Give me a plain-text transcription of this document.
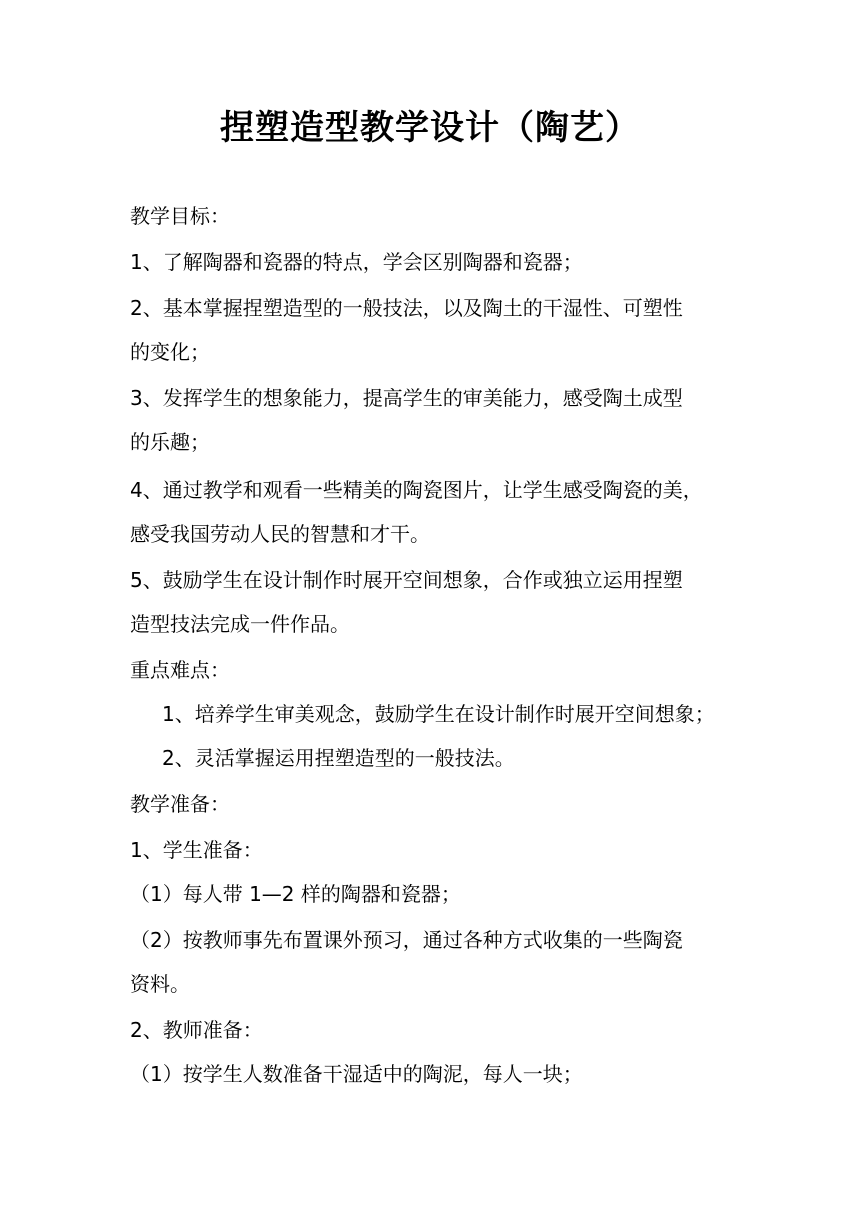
捏塑造型教学设计（陶艺）
教学目标：
1、了解陶器和瓷器的特点，学会区别陶器和瓷器；
2、基本掌握捏塑造型的一般技法，以及陶土的干湿性、可塑性
的变化；
3、发挥学生的想象能力，提高学生的审美能力，感受陶土成型
的乐趣；
4、通过教学和观看一些精美的陶瓷图片，让学生感受陶瓷的美，
感受我国劳动人民的智慧和才干。
5、鼓励学生在设计制作时展开空间想象，合作或独立运用捏塑
造型技法完成一件作品。
重点难点：
1、培养学生审美观念，鼓励学生在设计制作时展开空间想象；
2、灵活掌握运用捏塑造型的一般技法。
教学准备：
1、学生准备：
（1）每人带 1—2 样的陶器和瓷器；
（2）按教师事先布置课外预习，通过各种方式收集的一些陶瓷
资料。
2、教师准备：
（1）按学生人数准备干湿适中的陶泥，每人一块；
